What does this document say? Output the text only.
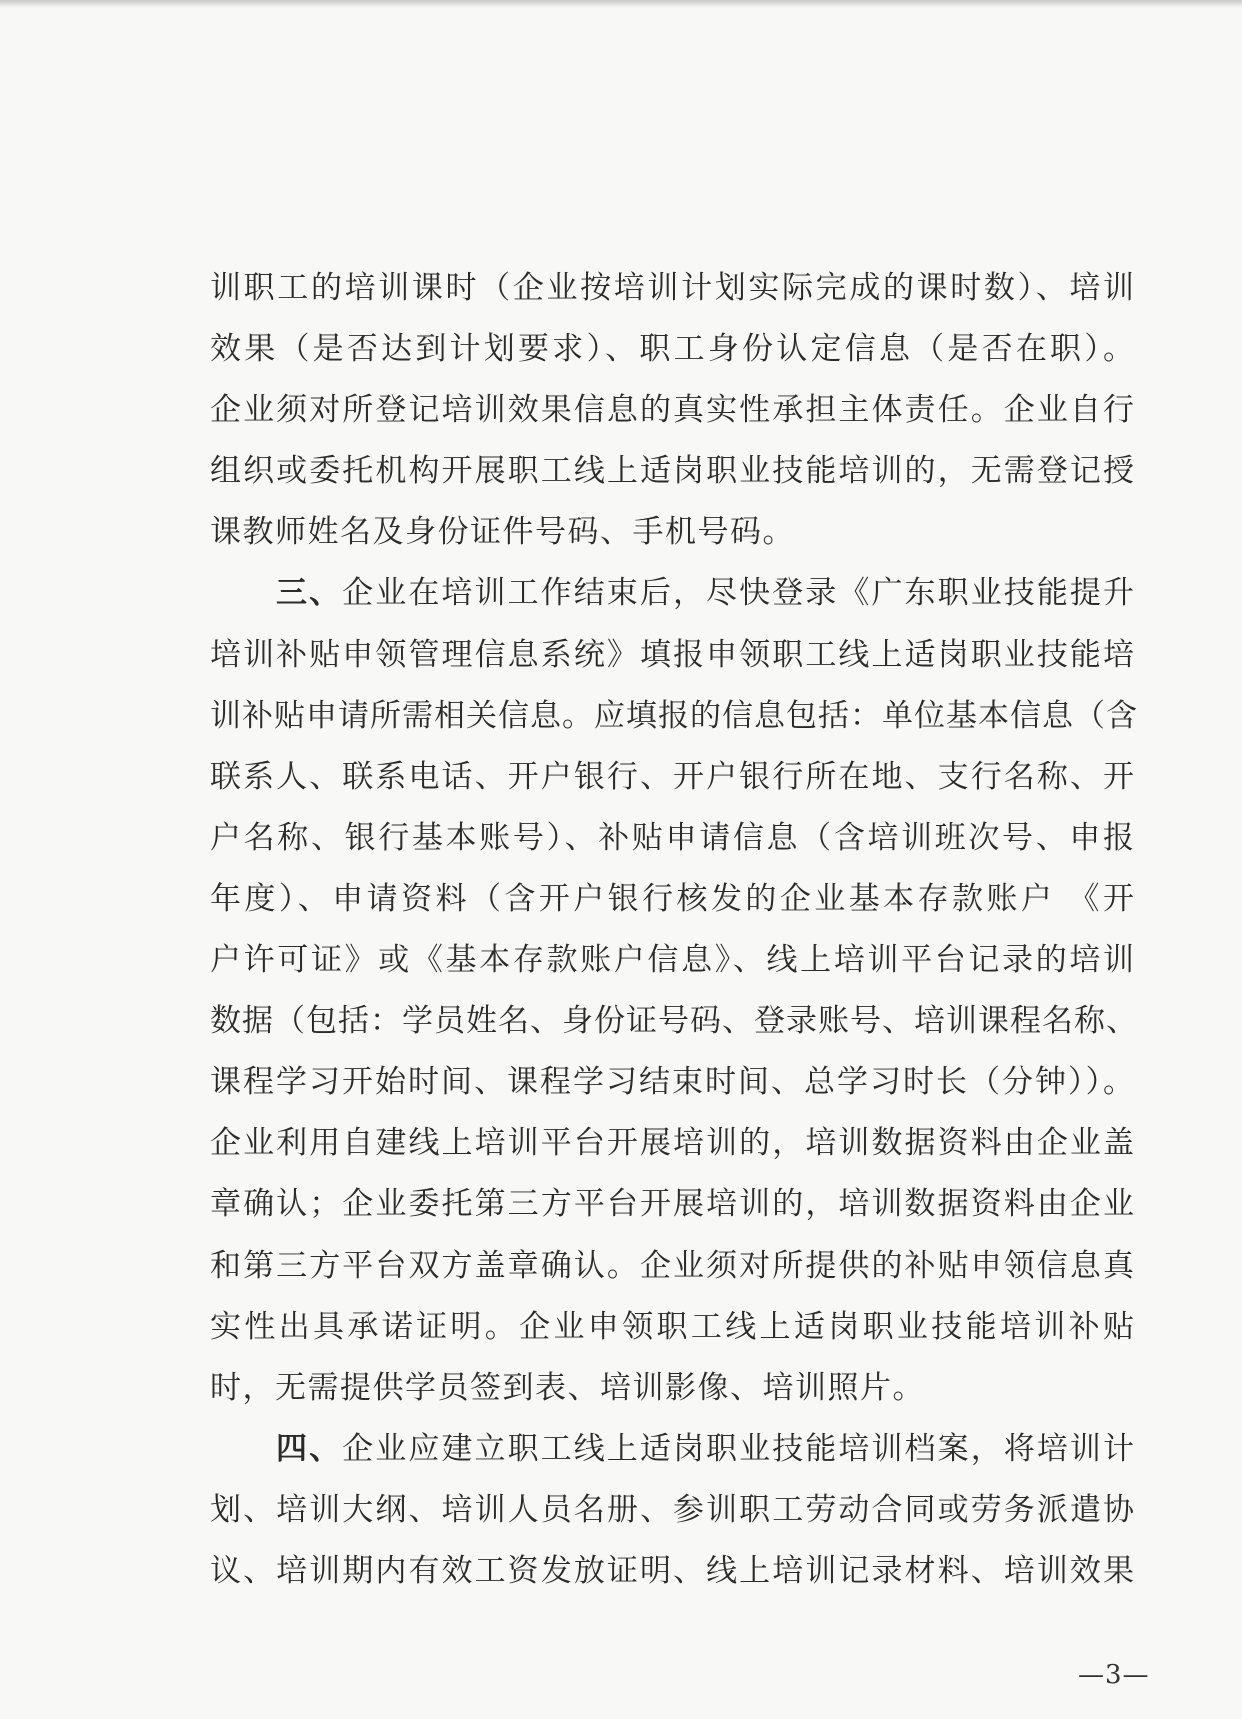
训职工的培训课时（企业按培训计划实际完成的课时数）、培训
效果（是否达到计划要求）、职工身份认定信息（是否在职）。
企业须对所登记培训效果信息的真实性承担主体责任。企业自行
组织或委托机构开展职工线上适岗职业技能培训的，无需登记授
课教师姓名及身份证件号码、手机号码。
三、企业在培训工作结束后，尽快登录《广东职业技能提升
培训补贴申领管理信息系统》填报申领职工线上适岗职业技能培
训补贴申请所需相关信息。应填报的信息包括：单位基本信息（含
联系人、联系电话、开户银行、开户银行所在地、支行名称、开
户名称、银行基本账号）、补贴申请信息（含培训班次号、申报
年度）、申请资料（含开户银行核发的企业基本存款账户 《开
户许可证》或《基本存款账户信息》、线上培训平台记录的培训
数据（包括：学员姓名、身份证号码、登录账号、培训课程名称、
课程学习开始时间、课程学习结束时间、总学习时长（分钟））。
企业利用自建线上培训平台开展培训的，培训数据资料由企业盖
章确认；企业委托第三方平台开展培训的，培训数据资料由企业
和第三方平台双方盖章确认。企业须对所提供的补贴申领信息真
实性出具承诺证明。企业申领职工线上适岗职业技能培训补贴
时，无需提供学员签到表、培训影像、培训照片。
四、企业应建立职工线上适岗职业技能培训档案，将培训计
划、培训大纲、培训人员名册、参训职工劳动合同或劳务派遣协
议、培训期内有效工资发放证明、线上培训记录材料、培训效果
—3—
